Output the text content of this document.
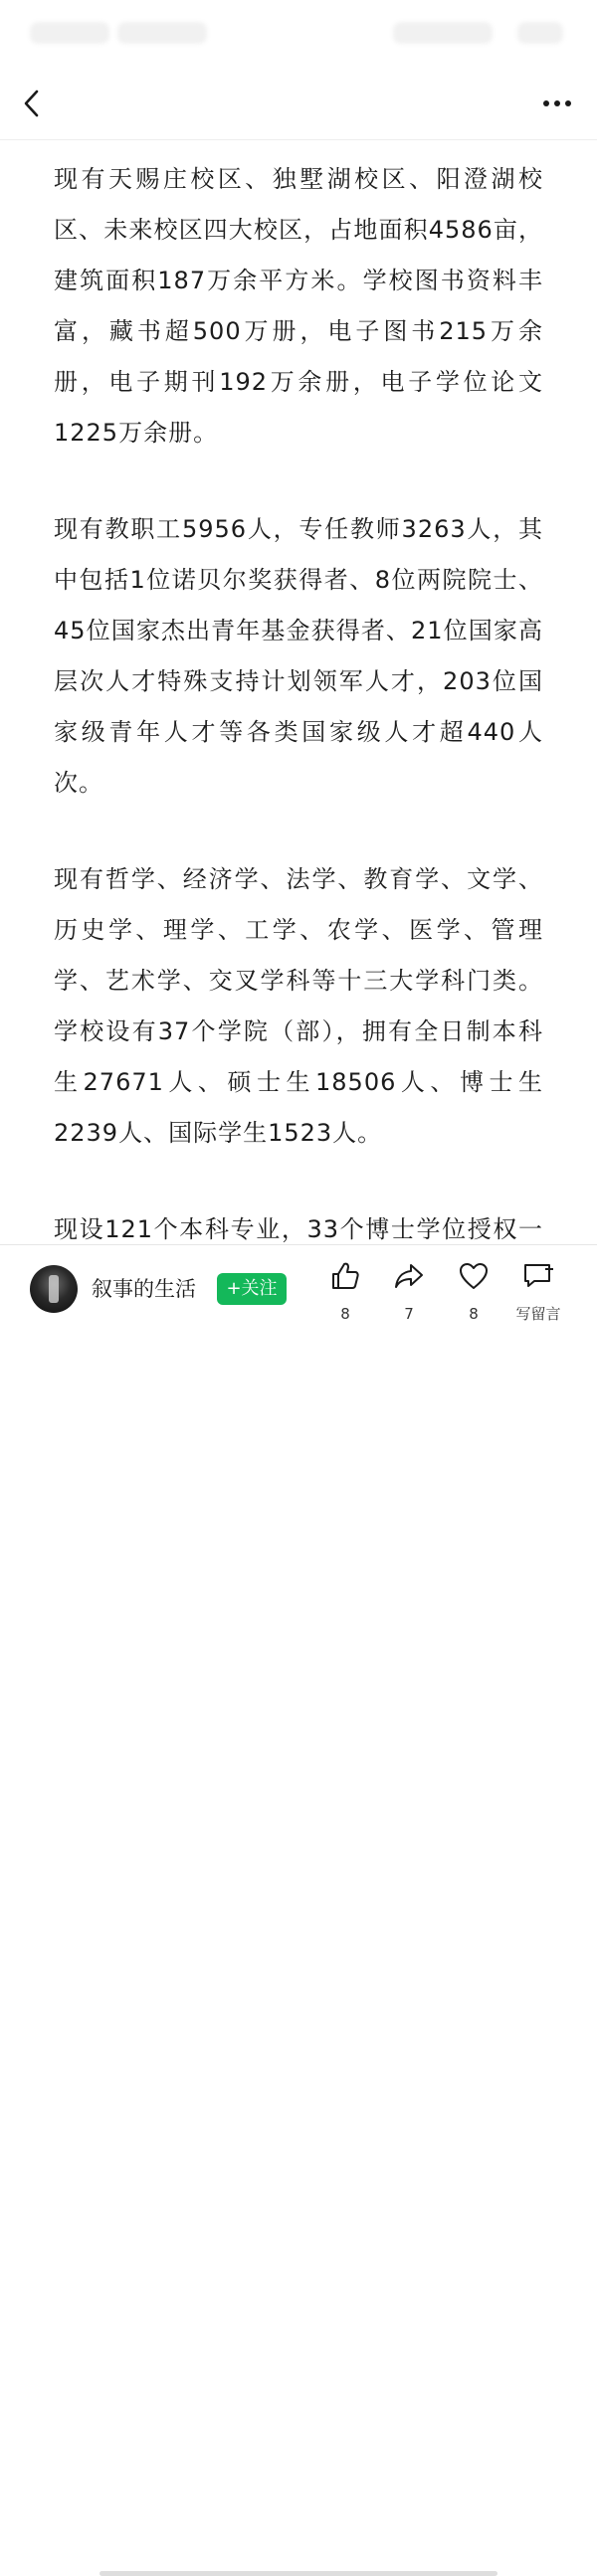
现有天赐庄校区、独墅湖校区、阳澄湖校区、未来校区四大校区，占地面积4586亩，建筑面积187万余平方米。学校图书资料丰富，藏书超500万册，电子图书215万余册，电子期刊192万余册，电子学位论文1225万余册。

现有教职工5956人，专任教师3263人，其中包括1位诺贝尔奖获得者、8位两院院士、45位国家杰出青年基金获得者、21位国家高层次人才特殊支持计划领军人才，203位国家级青年人才等各类国家级人才超440人次。

现有哲学、经济学、法学、教育学、文学、历史学、理学、工学、农学、医学、管理学、艺术学、交叉学科等十三大学科门类。学校设有37个学院（部），拥有全日制本科生27671人、硕士生18506人、博士生2239人、国际学生1523人。

现设121个本科专业，33个博士学位授权一

叙事的生活	+关注
8	7	8	写留言
